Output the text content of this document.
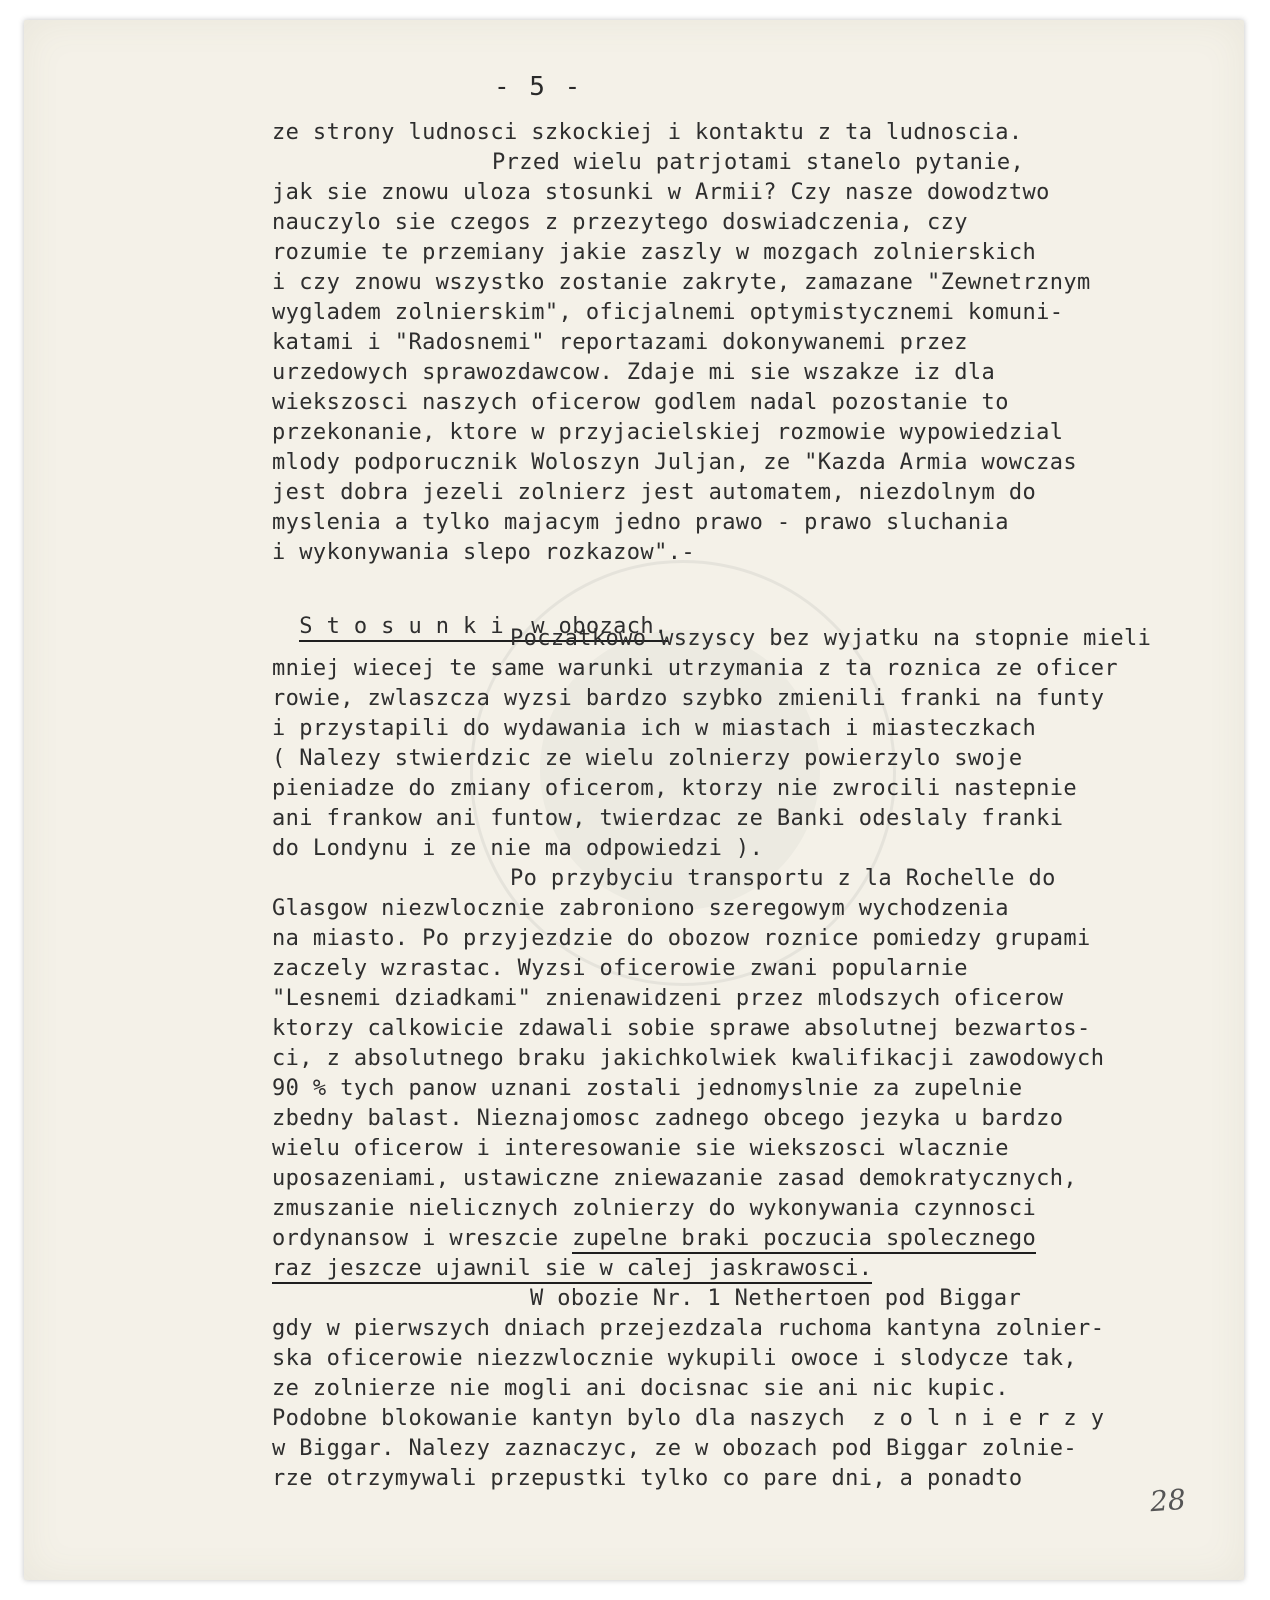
- 5 -
ze strony ludnosci szkockiej i kontaktu z ta ludnoscia.
Przed wielu patrjotami stanelo pytanie,
jak sie znowu uloza stosunki w Armii? Czy nasze dowodztwo
nauczylo sie czegos z przezytego doswiadczenia, czy
rozumie te przemiany jakie zaszly w mozgach zolnierskich
i czy znowu wszystko zostanie zakryte, zamazane "Zewnetrznym
wygladem zolnierskim", oficjalnemi optymistycznemi komuni-
katami i "Radosnemi" reportazami dokonywanemi przez
urzedowych sprawozdawcow. Zdaje mi sie wszakze iz dla
wiekszosci naszych oficerow godlem nadal pozostanie to
przekonanie, ktore w przyjacielskiej rozmowie wypowiedzial
mlody podporucznik Woloszyn Juljan, ze "Kazda Armia wowczas
jest dobra jezeli zolnierz jest automatem, niezdolnym do
myslenia a tylko majacym jedno prawo - prawo sluchania
i wykonywania slepo rozkazow".-

S t o s u n k i  w obozach.

Poczatkowo wszyscy bez wyjatku na stopnie mieli
mniej wiecej te same warunki utrzymania z ta roznica ze oficer
rowie, zwlaszcza wyzsi bardzo szybko zmienili franki na funty
i przystapili do wydawania ich w miastach i miasteczkach
( Nalezy stwierdzic ze wielu zolnierzy powierzylo swoje
pieniadze do zmiany oficerom, ktorzy nie zwrocili nastepnie
ani frankow ani funtow, twierdzac ze Banki odeslaly franki
do Londynu i ze nie ma odpowiedzi ).
Po przybyciu transportu z la Rochelle do
Glasgow niezwlocznie zabroniono szeregowym wychodzenia
na miasto. Po przyjezdzie do obozow roznice pomiedzy grupami
zaczely wzrastac. Wyzsi oficerowie zwani popularnie
"Lesnemi dziadkami" znienawidzeni przez mlodszych oficerow
ktorzy calkowicie zdawali sobie sprawe absolutnej bezwartos-
ci, z absolutnego braku jakichkolwiek kwalifikacji zawodowych
90 % tych panow uznani zostali jednomyslnie za zupelnie
zbedny balast. Nieznajomosc zadnego obcego jezyka u bardzo
wielu oficerow i interesowanie sie wiekszosci wlacznie
uposazeniami, ustawiczne zniewazanie zasad demokratycznych,
zmuszanie nielicznych zolnierzy do wykonywania czynnosci
ordynansow i wreszcie zupelne braki poczucia spolecznego
raz jeszcze ujawnil sie w calej jaskrawosci.
W obozie Nr. 1 Nethertoen pod Biggar
gdy w pierwszych dniach przejezdzala ruchoma kantyna zolnier-
ska oficerowie niezzwlocznie wykupili owoce i slodycze tak,
ze zolnierze nie mogli ani docisnac sie ani nic kupic.
Podobne blokowanie kantyn bylo dla naszych  z o l n i e r z y
w Biggar. Nalezy zaznaczyc, ze w obozach pod Biggar zolnie-
rze otrzymywali przepustki tylko co pare dni, a ponadto
28
